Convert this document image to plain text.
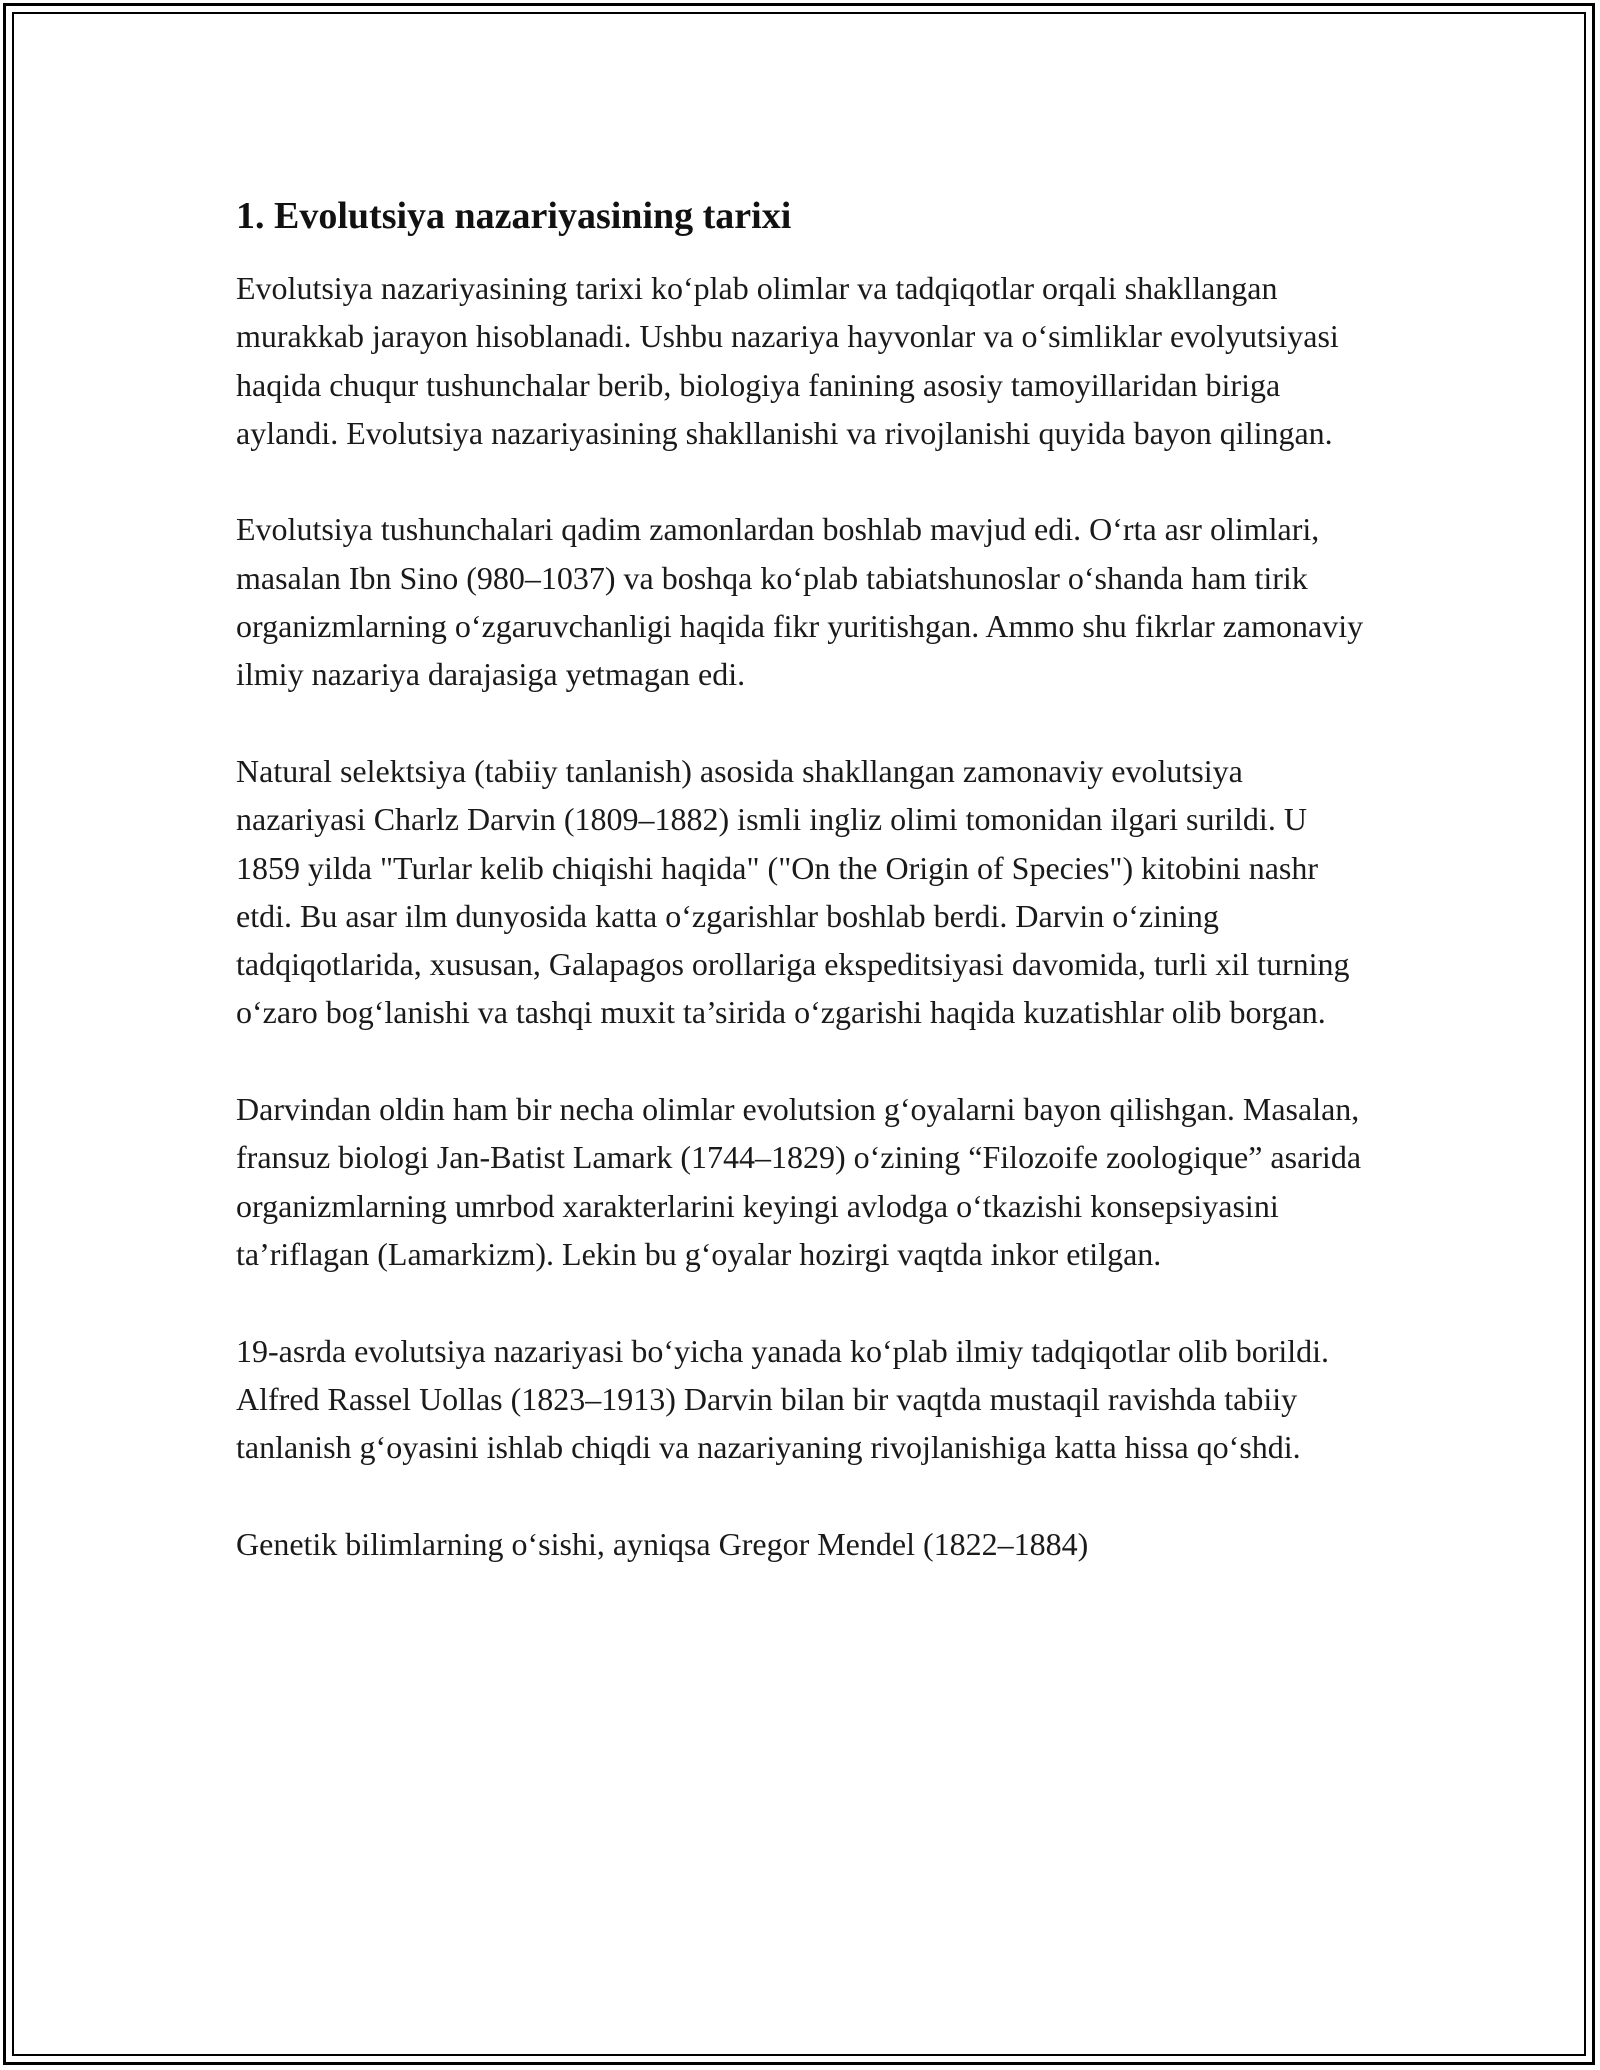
1. Evolutsiya nazariyasining tarixi

Evolutsiya nazariyasining tarixi ko‘plab olimlar va tadqiqotlar orqali shakllangan murakkab jarayon hisoblanadi. Ushbu nazariya hayvonlar va o‘simliklar evolyutsiyasi haqida chuqur tushunchalar berib, biologiya fanining asosiy tamoyillaridan biriga aylandi. Evolutsiya nazariyasining shakllanishi va rivojlanishi quyida bayon qilingan.

Evolutsiya tushunchalari qadim zamonlardan boshlab mavjud edi. O‘rta asr olimlari, masalan Ibn Sino (980–1037) va boshqa ko‘plab tabiatshunoslar o‘shanda ham tirik organizmlarning o‘zgaruvchanligi haqida fikr yuritishgan. Ammo shu fikrlar zamonaviy ilmiy nazariya darajasiga yetmagan edi.

Natural selektsiya (tabiiy tanlanish) asosida shakllangan zamonaviy evolutsiya nazariyasi Charlz Darvin (1809–1882) ismli ingliz olimi tomonidan ilgari surildi. U 1859 yilda "Turlar kelib chiqishi haqida" ("On the Origin of Species") kitobini nashr etdi. Bu asar ilm dunyosida katta o‘zgarishlar boshlab berdi. Darvin o‘zining tadqiqotlarida, xususan, Galapagos orollariga ekspeditsiyasi davomida, turli xil turning o‘zaro bog‘lanishi va tashqi muxit ta’sirida o‘zgarishi haqida kuzatishlar olib borgan.

Darvindan oldin ham bir necha olimlar evolutsion g‘oyalarni bayon qilishgan. Masalan, fransuz biologi Jan-Batist Lamark (1744–1829) o‘zining “Filozoife zoologique” asarida organizmlarning umrbod xarakterlarini keyingi avlodga o‘tkazishi konsepsiyasini ta’riflagan (Lamarkizm). Lekin bu g‘oyalar hozirgi vaqtda inkor etilgan.

19-asrda evolutsiya nazariyasi bo‘yicha yanada ko‘plab ilmiy tadqiqotlar olib borildi. Alfred Rassel Uollas (1823–1913) Darvin bilan bir vaqtda mustaqil ravishda tabiiy tanlanish g‘oyasini ishlab chiqdi va nazariyaning rivojlanishiga katta hissa qo‘shdi.

Genetik bilimlarning o‘sishi, ayniqsa Gregor Mendel (1822–1884)
